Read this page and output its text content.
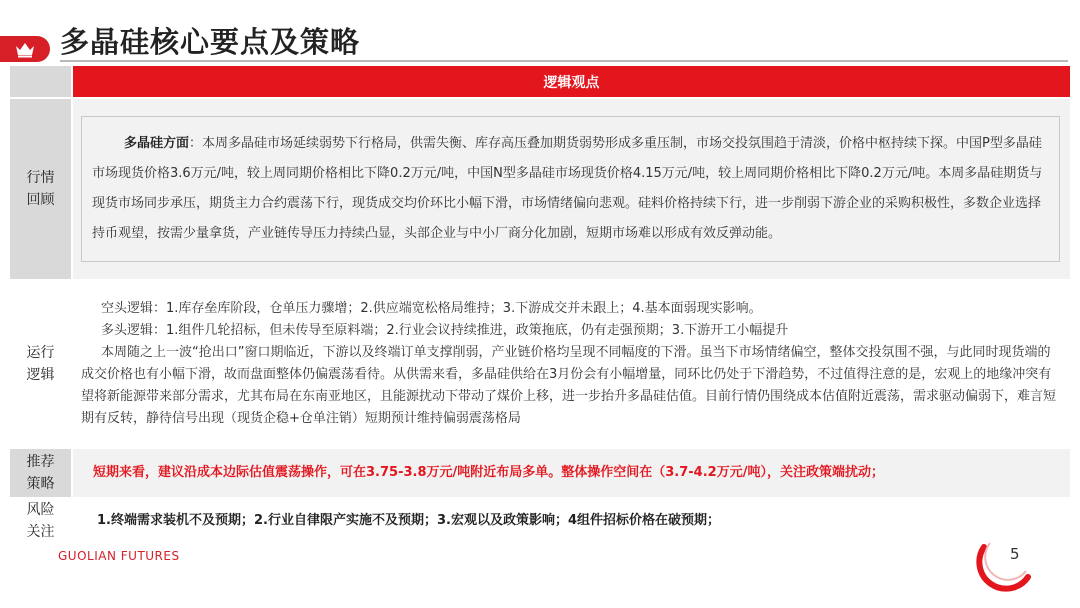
多晶硅核心要点及策略
	逻辑观点

行情回顾	多晶硅方面：本周多晶硅市场延续弱势下行格局，供需失衡、库存高压叠加期货弱势形成多重压制，市场交投氛围趋于清淡，价格中枢持续下探。中国P型多晶硅市场现货价格3.6万元/吨，较上周同期价格相比下降0.2万元/吨，中国N型多晶硅市场现货价格4.15万元/吨，较上周同期价格相比下降0.2万元/吨。本周多晶硅期货与现货市场同步承压，期货主力合约震荡下行，现货成交均价环比小幅下滑，市场情绪偏向悲观。硅料价格持续下行，进一步削弱下游企业的采购积极性，多数企业选择持币观望，按需少量拿货，产业链传导压力持续凸显，头部企业与中小厂商分化加剧，短期市场难以形成有效反弹动能。

运行逻辑	空头逻辑：1.库存垒库阶段，仓单压力骤增；2.供应端宽松格局维持；3.下游成交并未跟上；4.基本面弱现实影响。

多头逻辑：1.组件几轮招标，但未传导至原料端；2.行业会议持续推进，政策拖底，仍有走强预期；3.下游开工小幅提升

本周随之上一波“抢出口”窗口期临近，下游以及终端订单支撑削弱，产业链价格均呈现不同幅度的下滑。虽当下市场情绪偏空，整体交投氛围不强，与此同时现货端的成交价格也有小幅下滑，故而盘面整体仍偏震荡看待。从供需来看，多晶硅供给在3月份会有小幅增量，同环比仍处于下滑趋势，不过值得注意的是，宏观上的地缘冲突有望将新能源带来部分需求，尤其布局在东南亚地区，且能源扰动下带动了煤价上移，进一步抬升多晶硅估值。目前行情仍围绕成本估值附近震荡，需求驱动偏弱下，难言短期有反转，静待信号出现（现货企稳+仓单注销）短期预计维持偏弱震荡格局

推荐策略	短期来看，建议沿成本边际估值震荡操作，可在3.75-3.8万元/吨附近布局多单。整体操作空间在（3.7-4.2万元/吨），关注政策端扰动；

风险关注	1.终端需求装机不及预期；2.行业自律限产实施不及预期；3.宏观以及政策影响；4组件招标价格在破预期；
GUOLIAN FUTURES	5
